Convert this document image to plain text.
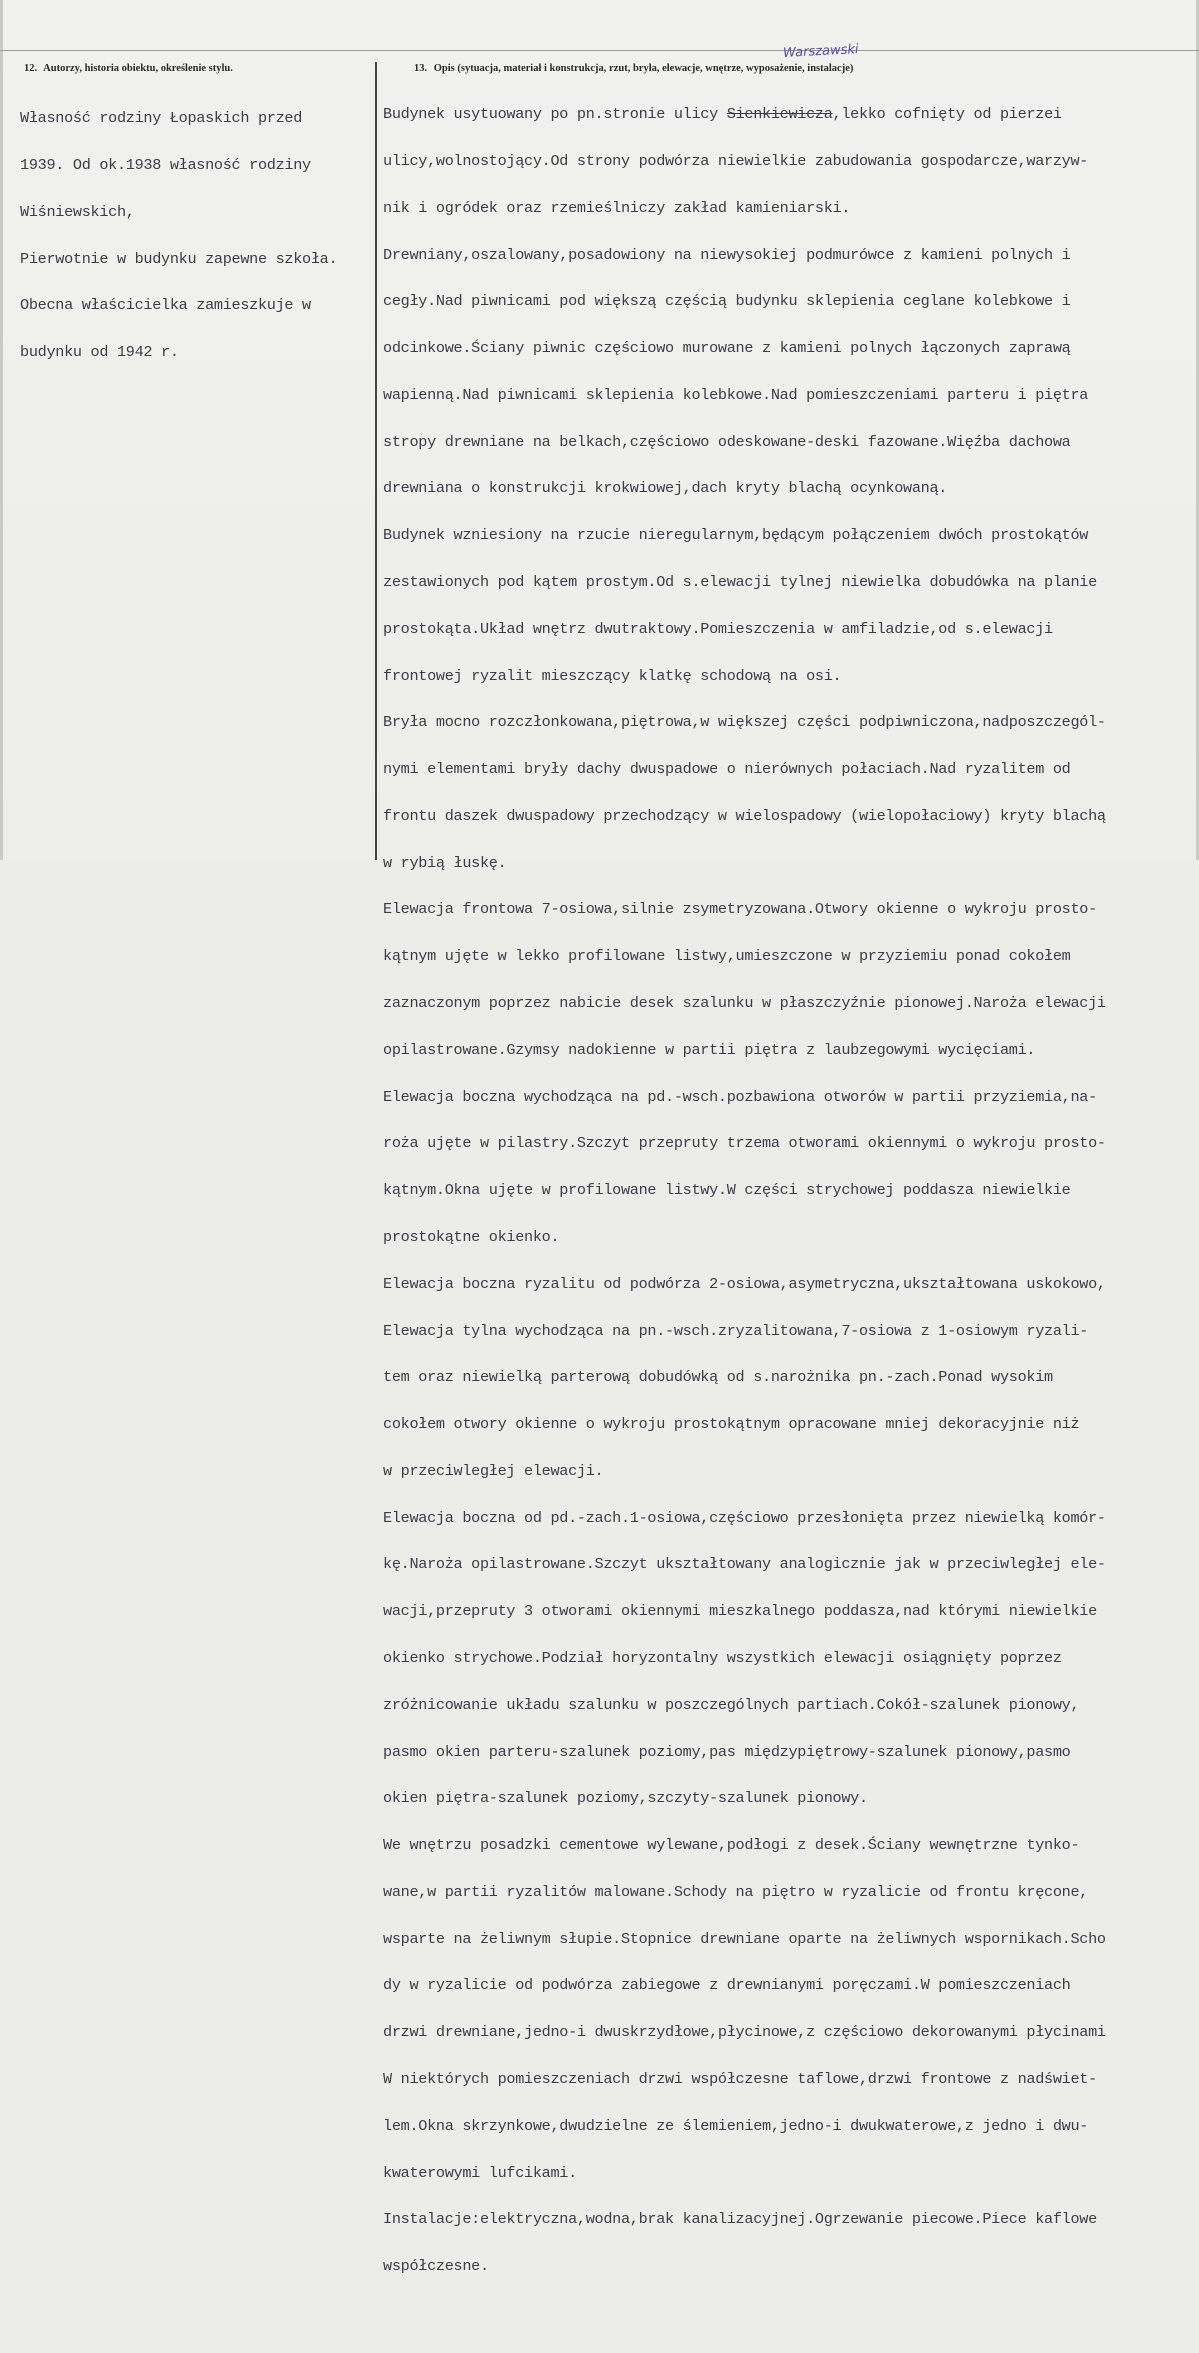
12. Autorzy, historia obiektu, określenie stylu.	13. Opis (sytuacja, materiał i konstrukcja, rzut, bryła, elewacje, wnętrze, wyposażenie, instalacje)
Warszawski

Własność rodziny Łopaskich przed

1939. Od ok.1938 własność rodziny

Wiśniewskich,

Pierwotnie w budynku zapewne szkoła.

Obecna właścicielka zamieszkuje w

budynku od 1942 r.

Budynek usytuowany po pn.stronie ulicy Sienkiewicza,lekko cofnięty od pierzei

ulicy,wolnostojący.Od strony podwórza niewielkie zabudowania gospodarcze,warzyw-

nik i ogródek oraz rzemieślniczy zakład kamieniarski.

Drewniany,oszalowany,posadowiony na niewysokiej podmurówce z kamieni polnych i

cegły.Nad piwnicami pod większą częścią budynku sklepienia ceglane kolebkowe i

odcinkowe.Ściany piwnic częściowo murowane z kamieni polnych łączonych zaprawą

wapienną.Nad piwnicami sklepienia kolebkowe.Nad pomieszczeniami parteru i piętra

stropy drewniane na belkach,częściowo odeskowane-deski fazowane.Więźba dachowa

drewniana o konstrukcji krokwiowej,dach kryty blachą ocynkowaną.

Budynek wzniesiony na rzucie nieregularnym,będącym połączeniem dwóch prostokątów

zestawionych pod kątem prostym.Od s.elewacji tylnej niewielka dobudówka na planie

prostokąta.Układ wnętrz dwutraktowy.Pomieszczenia w amfiladzie,od s.elewacji

frontowej ryzalit mieszczący klatkę schodową na osi.

Bryła mocno rozczłonkowana,piętrowa,w większej części podpiwniczona,nadposzczegól-

nymi elementami bryły dachy dwuspadowe o nierównych połaciach.Nad ryzalitem od

frontu daszek dwuspadowy przechodzący w wielospadowy (wielopołaciowy) kryty blachą

w rybią łuskę.

Elewacja frontowa 7-osiowa,silnie zsymetryzowana.Otwory okienne o wykroju prosto-

kątnym ujęte w lekko profilowane listwy,umieszczone w przyziemiu ponad cokołem

zaznaczonym poprzez nabicie desek szalunku w płaszczyźnie pionowej.Naroża elewacji

opilastrowane.Gzymsy nadokienne w partii piętra z laubzegowymi wycięciami.

Elewacja boczna wychodząca na pd.-wsch.pozbawiona otworów w partii przyziemia,na-

roża ujęte w pilastry.Szczyt przepruty trzema otworami okiennymi o wykroju prosto-

kątnym.Okna ujęte w profilowane listwy.W części strychowej poddasza niewielkie

prostokątne okienko.

Elewacja boczna ryzalitu od podwórza 2-osiowa,asymetryczna,ukształtowana uskokowo,

Elewacja tylna wychodząca na pn.-wsch.zryzalitowana,7-osiowa z 1-osiowym ryzali-

tem oraz niewielką parterową dobudówką od s.narożnika pn.-zach.Ponad wysokim

cokołem otwory okienne o wykroju prostokątnym opracowane mniej dekoracyjnie niż

w przeciwległej elewacji.

Elewacja boczna od pd.-zach.1-osiowa,częściowo przesłonięta przez niewielką komór-

kę.Naroża opilastrowane.Szczyt ukształtowany analogicznie jak w przeciwległej ele-

wacji,przepruty 3 otworami okiennymi mieszkalnego poddasza,nad którymi niewielkie

okienko strychowe.Podział horyzontalny wszystkich elewacji osiągnięty poprzez

zróżnicowanie układu szalunku w poszczególnych partiach.Cokół-szalunek pionowy,

pasmo okien parteru-szalunek poziomy,pas międzypiętrowy-szalunek pionowy,pasmo

okien piętra-szalunek poziomy,szczyty-szalunek pionowy.

We wnętrzu posadzki cementowe wylewane,podłogi z desek.Ściany wewnętrzne tynko-

wane,w partii ryzalitów malowane.Schody na piętro w ryzalicie od frontu kręcone,

wsparte na żeliwnym słupie.Stopnice drewniane oparte na żeliwnych wspornikach.Scho

dy w ryzalicie od podwórza zabiegowe z drewnianymi poręczami.W pomieszczeniach

drzwi drewniane,jedno-i dwuskrzydłowe,płycinowe,z częściowo dekorowanymi płycinami

W niektórych pomieszczeniach drzwi współczesne taflowe,drzwi frontowe z nadświet-

lem.Okna skrzynkowe,dwudzielne ze ślemieniem,jedno-i dwukwaterowe,z jedno i dwu-

kwaterowymi lufcikami.

Instalacje:elektryczna,wodna,brak kanalizacyjnej.Ogrzewanie piecowe.Piece kaflowe

współczesne.
